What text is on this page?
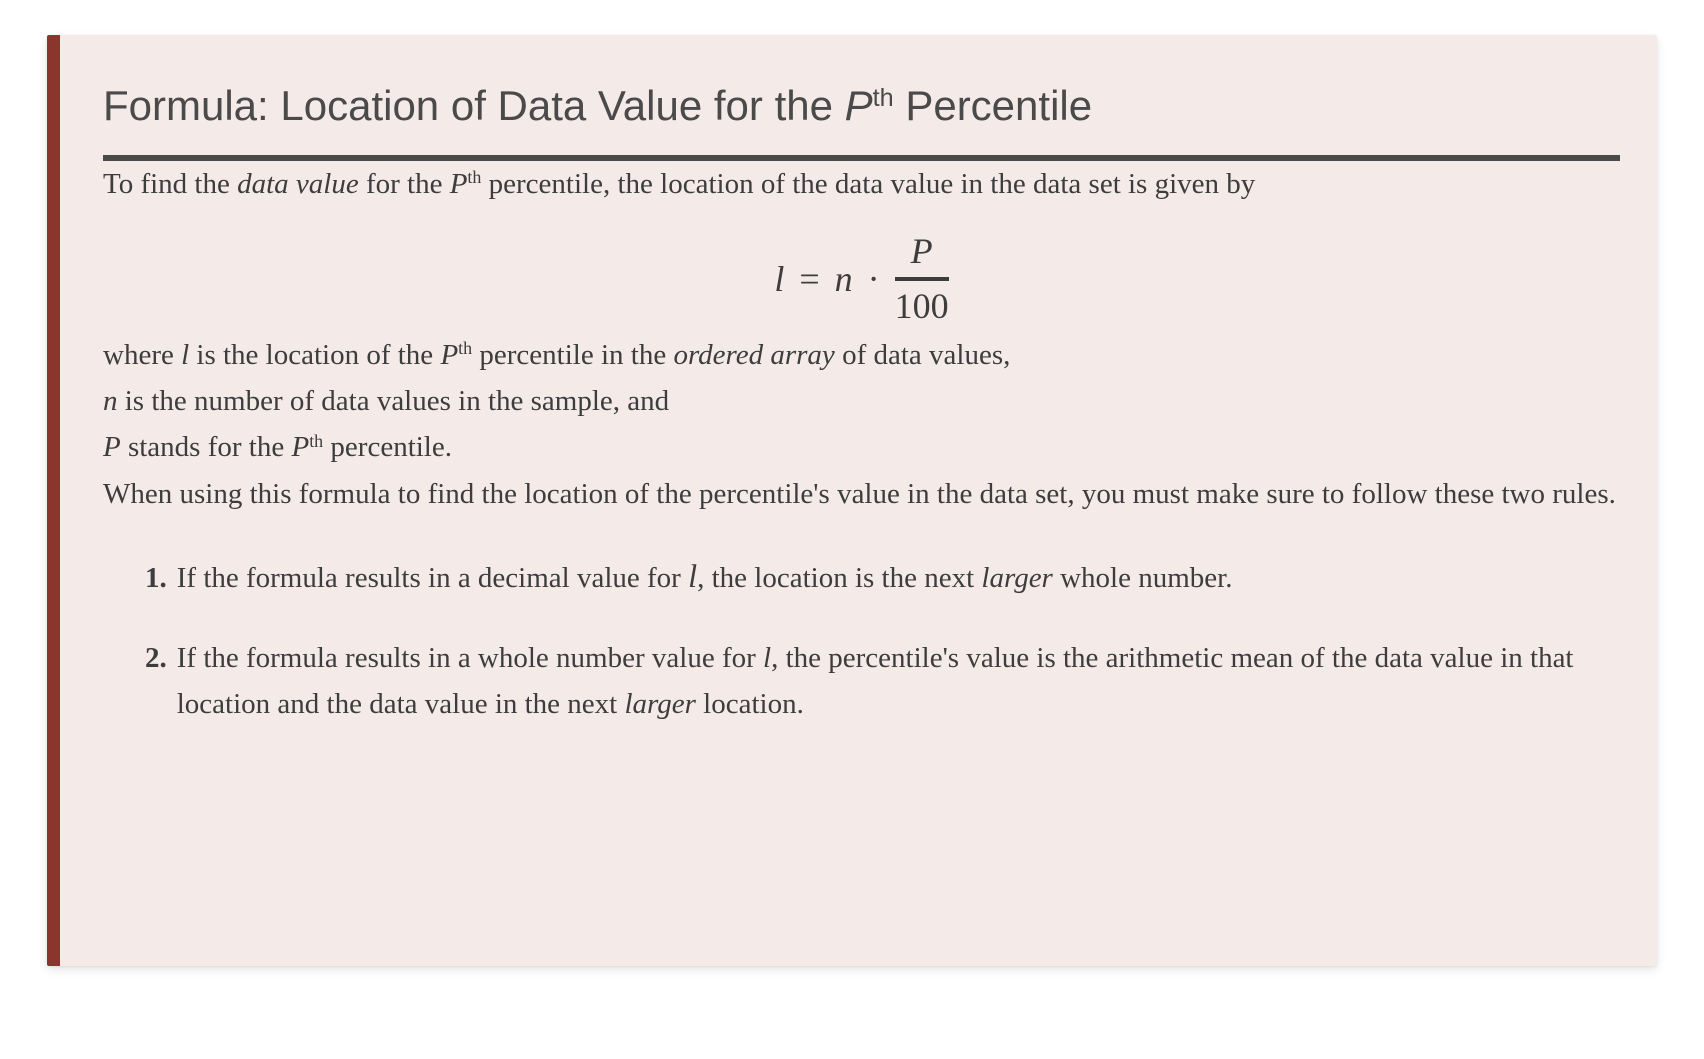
Formula: Location of Data Value for the $P^{th}$ Percentile

To find the data value for the $P^{th}$ percentile, the location of the data value in the data set is given by

$l = n \cdot \frac{P}{100}$

where l is the location of the $P^{th}$ percentile in the ordered array of data values,

n is the number of data values in the sample, and

P stands for the $P^{th}$ percentile.

When using this formula to find the location of the percentile's value in the data set, you must make sure to follow these two rules.

1. If the formula results in a decimal value for l, the location is the next larger whole number.
2. If the formula results in a whole number value for l, the percentile's value is the arithmetic mean of the data value in that location and the data value in the next larger location.
